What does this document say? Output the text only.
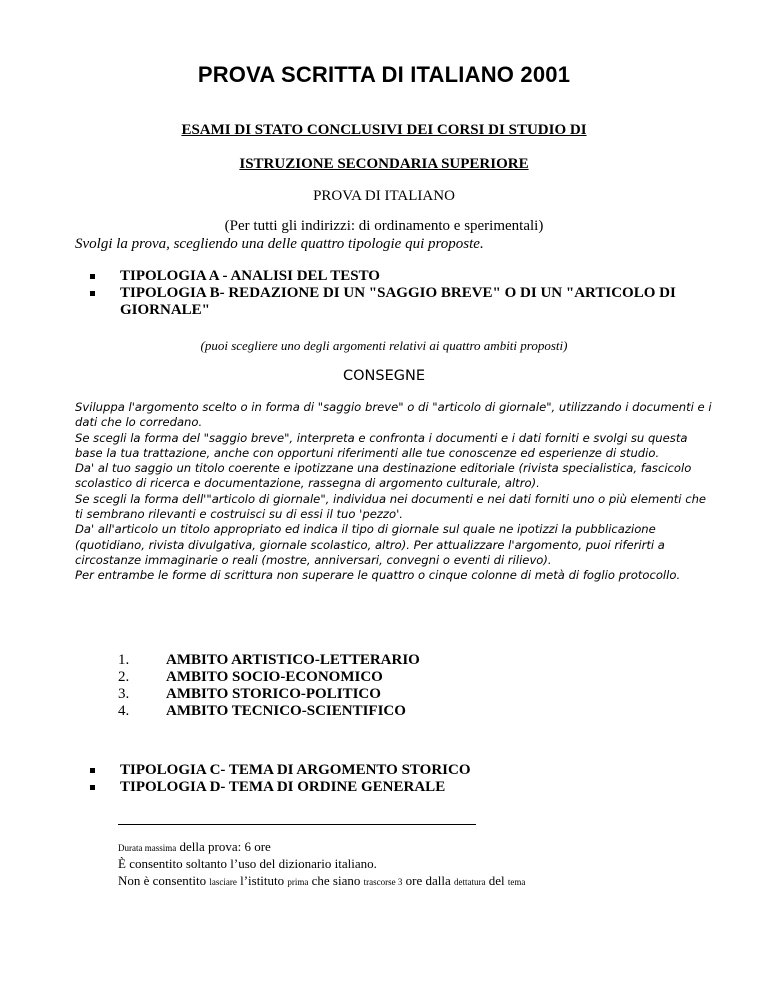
PROVA SCRITTA DI ITALIANO 2001
ESAMI DI STATO CONCLUSIVI DEI CORSI DI STUDIO DI
ISTRUZIONE SECONDARIA SUPERIORE
PROVA DI ITALIANO
(Per tutti gli indirizzi: di ordinamento e sperimentali)
Svolgi la prova, scegliendo una delle quattro tipologie qui proposte.
TIPOLOGIA A - ANALISI DEL TESTO
TIPOLOGIA B- REDAZIONE DI UN "SAGGIO BREVE" O DI UN "ARTICOLO DI GIORNALE"
(puoi scegliere uno degli argomenti relativi ai quattro ambiti proposti)
CONSEGNE

Sviluppa l'argomento scelto o in forma di "saggio breve" o di "articolo di giornale", utilizzando i documenti e i dati che lo corredano.

Se scegli la forma del "saggio breve", interpreta e confronta i documenti e i dati forniti e svolgi su questa base la tua trattazione, anche con opportuni riferimenti alle tue conoscenze ed esperienze di studio.

Da' al tuo saggio un titolo coerente e ipotizzane una destinazione editoriale (rivista specialistica, fascicolo scolastico di ricerca e documentazione, rassegna di argomento culturale, altro).

Se scegli la forma dell'"articolo di giornale", individua nei documenti e nei dati forniti uno o più elementi che ti sembrano rilevanti e costruisci su di essi il tuo 'pezzo'.

Da' all'articolo un titolo appropriato ed indica il tipo di giornale sul quale ne ipotizzi la pubblicazione (quotidiano, rivista divulgativa, giornale scolastico, altro). Per attualizzare l'argomento, puoi riferirti a circostanze immaginarie o reali (mostre, anniversari, convegni o eventi di rilievo).

Per entrambe le forme di scrittura non superare le quattro o cinque colonne di metà di foglio protocollo.

1. AMBITO ARTISTICO-LETTERARIO
2. AMBITO SOCIO-ECONOMICO
3. AMBITO STORICO-POLITICO
4. AMBITO TECNICO-SCIENTIFICO
TIPOLOGIA C- TEMA DI ARGOMENTO STORICO
TIPOLOGIA D- TEMA DI ORDINE GENERALE
Durata massima della prova: 6 ore
È consentito soltanto l’uso del dizionario italiano.
Non è consentito lasciare l’istituto prima che siano trascorse 3 ore dalla dettatura del tema
